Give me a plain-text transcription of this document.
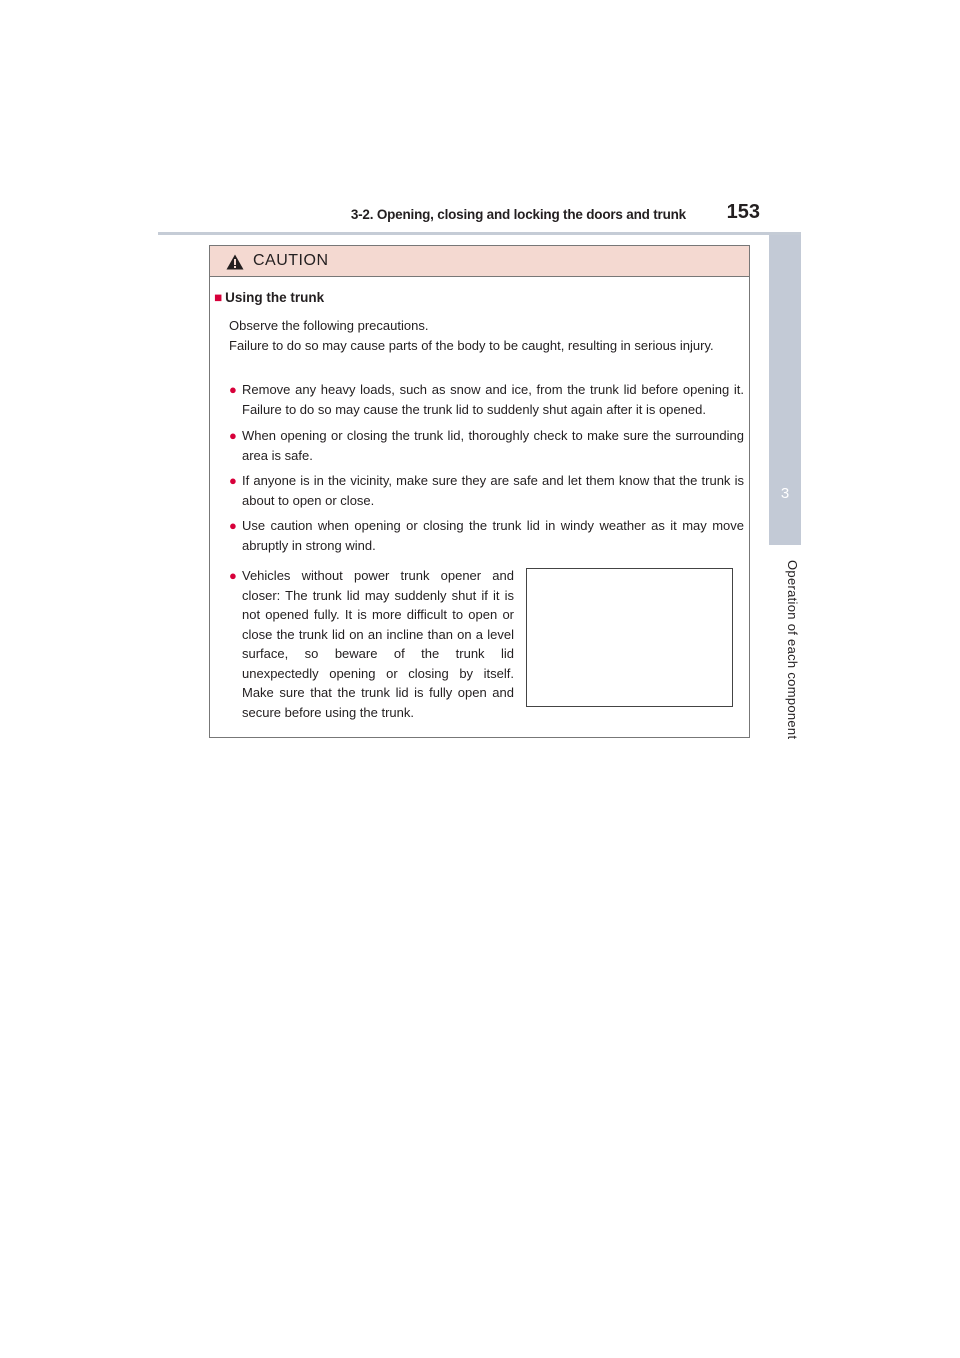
3-2. Opening, closing and locking the doors and trunk	153
3
Operation of each component
CAUTION
■ Using the trunk

Observe the following precautions.

Failure to do so may cause parts of the body to be caught, resulting in serious injury.

● Remove any heavy loads, such as snow and ice, from the trunk lid before opening it. Failure to do so may cause the trunk lid to suddenly shut again after it is opened.
● When opening or closing the trunk lid, thoroughly check to make sure the surrounding area is safe.
● If anyone is in the vicinity, make sure they are safe and let them know that the trunk is about to open or close.
● Use caution when opening or closing the trunk lid in windy weather as it may move abruptly in strong wind.
● Vehicles without power trunk opener and closer: The trunk lid may suddenly shut if it is not opened fully. It is more difficult to open or close the trunk lid on an incline than on a level surface, so beware of the trunk lid unexpectedly opening or closing by itself. Make sure that the trunk lid is fully open and secure before using the trunk.
